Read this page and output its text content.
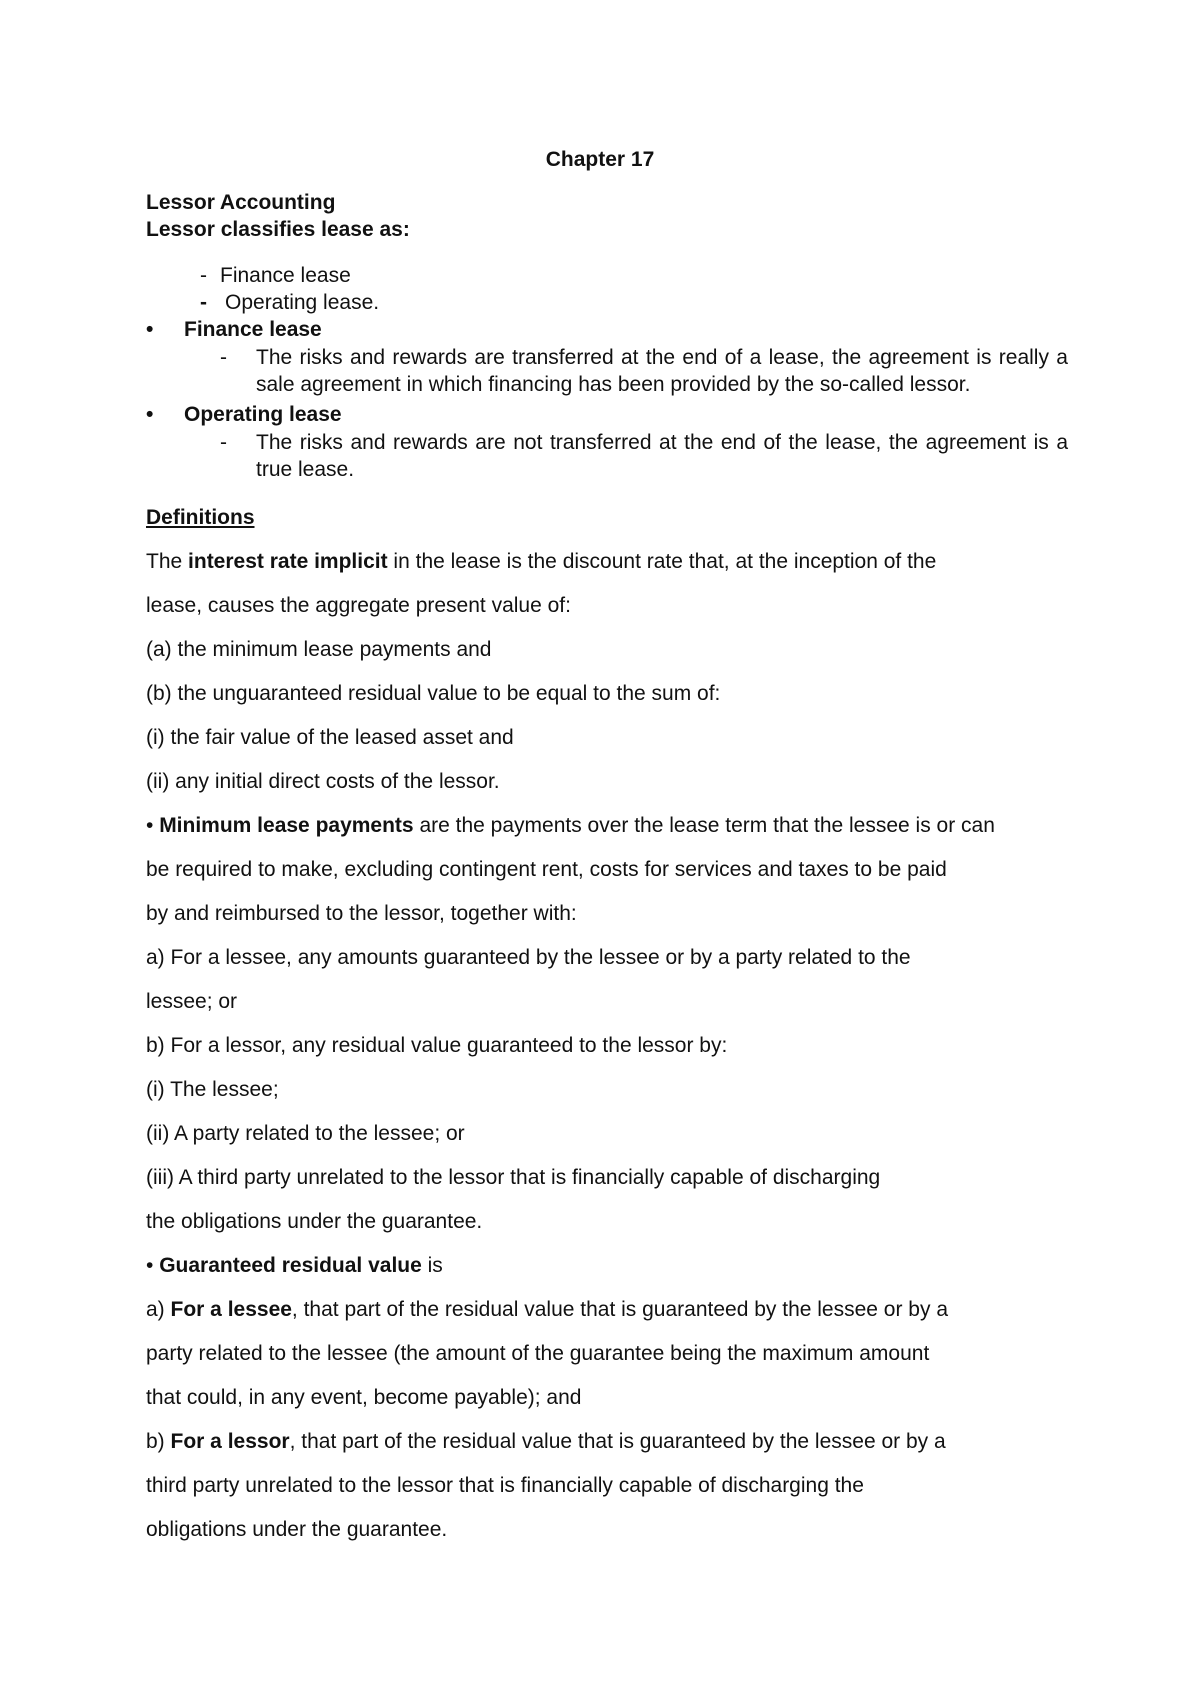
Chapter 17
Lessor Accounting
Lessor classifies lease as:
- Finance lease
- Operating lease.
• Finance lease
- The risks and rewards are transferred at the end of a lease, the agreement is really a sale agreement in which financing has been provided by the so-called lessor.
• Operating lease
- The risks and rewards are not transferred at the end of the lease, the agreement is a true lease.
Definitions
The interest rate implicit in the lease is the discount rate that, at the inception of the
lease, causes the aggregate present value of:
(a) the minimum lease payments and
(b) the unguaranteed residual value to be equal to the sum of:
(i) the fair value of the leased asset and
(ii) any initial direct costs of the lessor.
• Minimum lease payments are the payments over the lease term that the lessee is or can
be required to make, excluding contingent rent, costs for services and taxes to be paid
by and reimbursed to the lessor, together with:
a) For a lessee, any amounts guaranteed by the lessee or by a party related to the
lessee; or
b) For a lessor, any residual value guaranteed to the lessor by:
(i) The lessee;
(ii) A party related to the lessee; or
(iii) A third party unrelated to the lessor that is financially capable of discharging
the obligations under the guarantee.
• Guaranteed residual value is
a) For a lessee, that part of the residual value that is guaranteed by the lessee or by a
party related to the lessee (the amount of the guarantee being the maximum amount
that could, in any event, become payable); and
b) For a lessor, that part of the residual value that is guaranteed by the lessee or by a
third party unrelated to the lessor that is financially capable of discharging the
obligations under the guarantee.
